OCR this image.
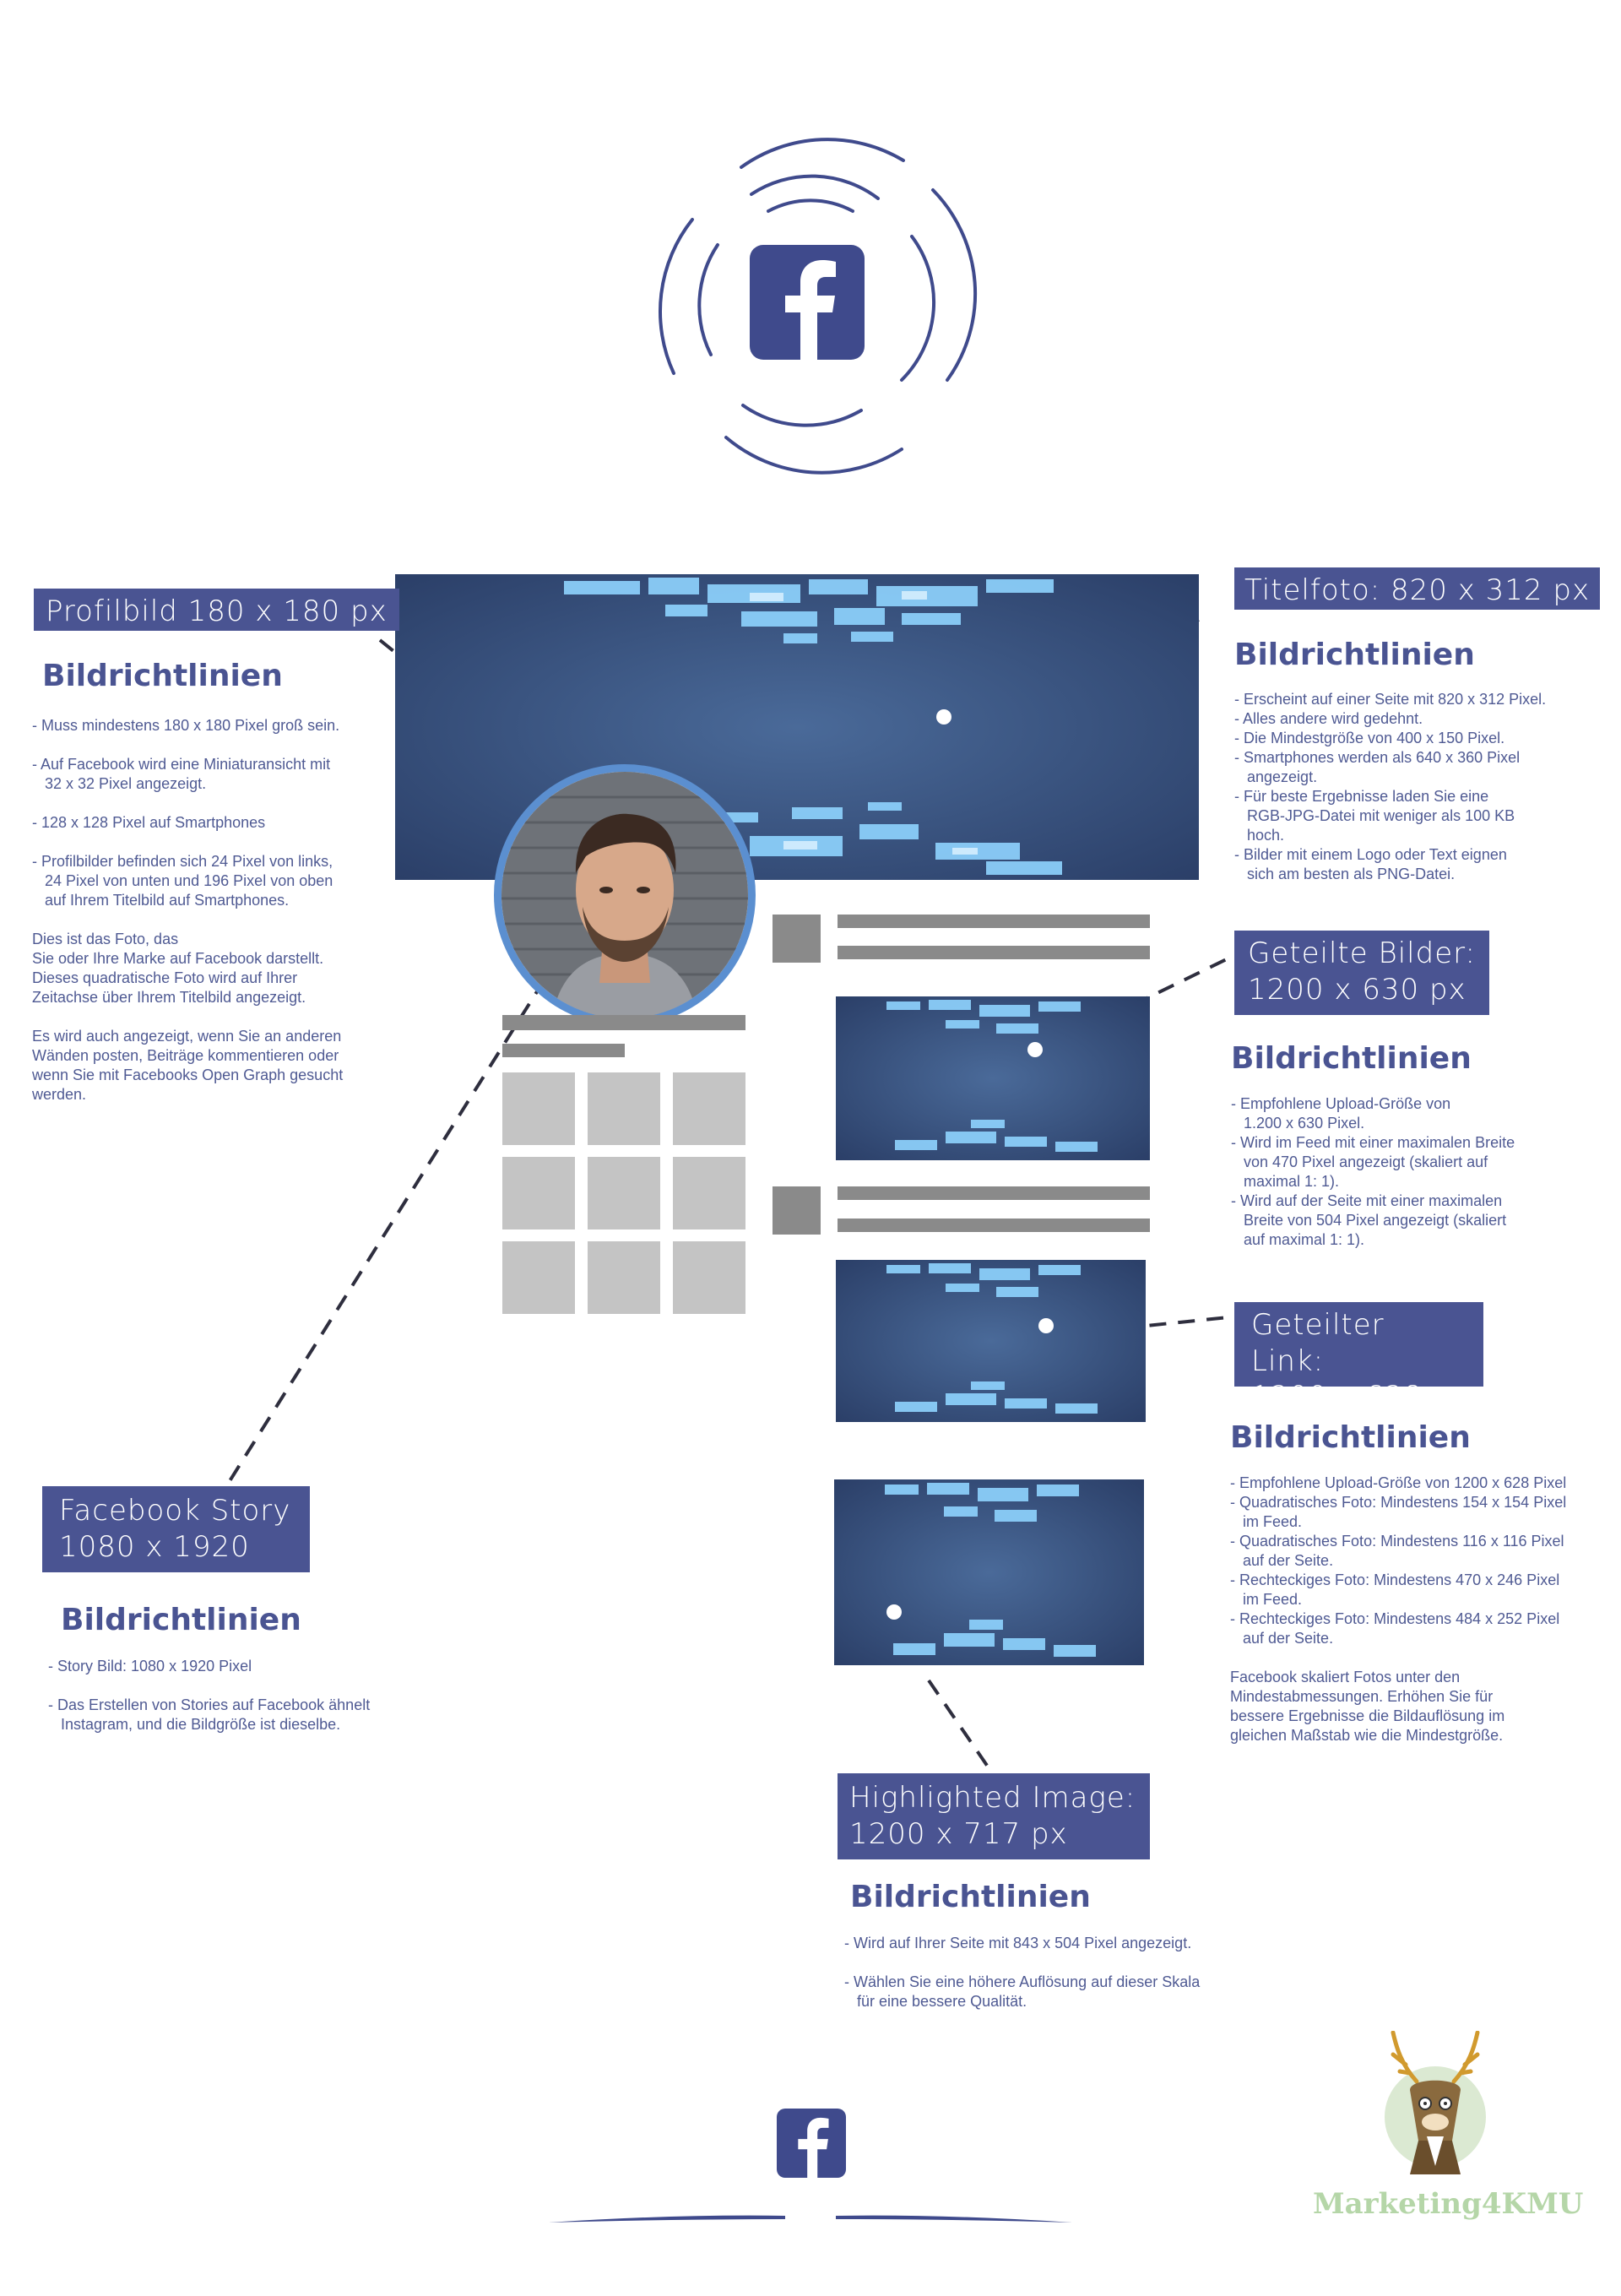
Profilbild 180 x 180 px
Bildrichtlinien

- Muss mindestens 180 x 180 Pixel groß sein.

- Auf Facebook wird eine Miniaturansicht mit

32 x 32 Pixel angezeigt.

- 128 x 128 Pixel auf Smartphones

- Profilbilder befinden sich 24 Pixel von links,

24 Pixel von unten und 196 Pixel von oben

auf Ihrem Titelbild auf Smartphones.

Dies ist das Foto, das

Sie oder Ihre Marke auf Facebook darstellt.

Dieses quadratische Foto wird auf Ihrer

Zeitachse über Ihrem Titelbild angezeigt.

Es wird auch angezeigt, wenn Sie an anderen

Wänden posten, Beiträge kommentieren oder

wenn Sie mit Facebooks Open Graph gesucht

werden.

Titelfoto: 820 x 312 px
Bildrichtlinien

- Erscheint auf einer Seite mit 820 x 312 Pixel.

- Alles andere wird gedehnt.

- Die Mindestgröße von 400 x 150 Pixel.

- Smartphones werden als 640 x 360 Pixel

angezeigt.

- Für beste Ergebnisse laden Sie eine

RGB-JPG-Datei mit weniger als 100 KB

hoch.

- Bilder mit einem Logo oder Text eignen

sich am besten als PNG-Datei.

Geteilte Bilder:
1200 x 630 px
Bildrichtlinien

- Empfohlene Upload-Größe von

1.200 x 630 Pixel.

- Wird im Feed mit einer maximalen Breite

von 470 Pixel angezeigt (skaliert auf

maximal 1: 1).

- Wird auf der Seite mit einer maximalen

Breite von 504 Pixel angezeigt (skaliert

auf maximal 1: 1).

Geteilter Link:
1200 x 628px
Bildrichtlinien

- Empfohlene Upload-Größe von 1200 x 628 Pixel

- Quadratisches Foto: Mindestens 154 x 154 Pixel

im Feed.

- Quadratisches Foto: Mindestens 116 x 116 Pixel

auf der Seite.

- Rechteckiges Foto: Mindestens 470 x 246 Pixel

im Feed.

- Rechteckiges Foto: Mindestens 484 x 252 Pixel

auf der Seite.

Facebook skaliert Fotos unter den

Mindestabmessungen. Erhöhen Sie für

bessere Ergebnisse die Bildauflösung im

gleichen Maßstab wie die Mindestgröße.

Facebook Story
1080 x 1920 px
Bildrichtlinien

- Story Bild: 1080 x 1920 Pixel

- Das Erstellen von Stories auf Facebook ähnelt

Instagram, und die Bildgröße ist dieselbe.

Highlighted Image:
1200 x 717 px
Bildrichtlinien

- Wird auf Ihrer Seite mit 843 x 504 Pixel angezeigt.

- Wählen Sie eine höhere Auflösung auf dieser Skala

für eine bessere Qualität.

Marketing4KMU
